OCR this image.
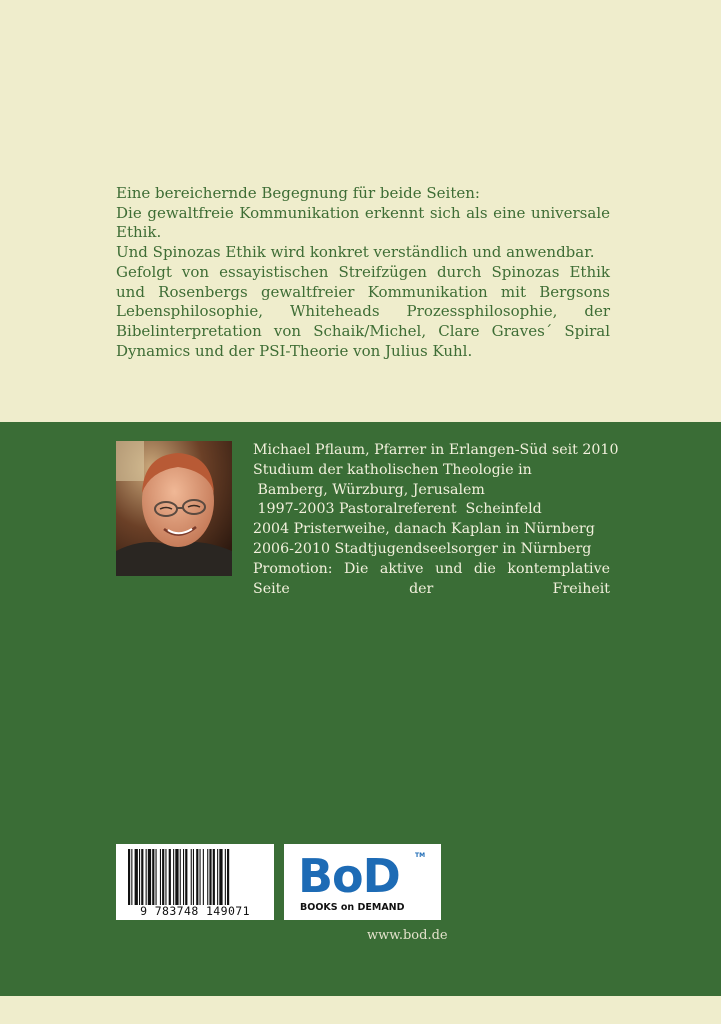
Eine bereichernde Begegnung für beide Seiten:

Die gewaltfreie Kommunikation erkennt sich als eine universale Ethik.

Und Spinozas Ethik wird konkret verständlich und anwendbar.

Gefolgt von essayistischen Streifzügen durch Spinozas Ethik und Rosenbergs gewaltfreier Kommunikation mit Bergsons Lebensphilosophie, Whiteheads Prozessphilosophie, der Bibelinterpretation von Schaik/Michel, Clare Graves´ Spiral Dynamics und der PSI-Theorie von Julius Kuhl.

Michael Pflaum, Pfarrer in Erlangen-Süd seit 2010
Studium der katholischen Theologie in
Bamberg, Würzburg, Jerusalem
1997-2003 Pastoralreferent  Scheinfeld
2004 Pristerweihe, danach Kaplan in Nürnberg
2006-2010 Stadtjugendseelsorger in Nürnberg
Promotion: Die aktive und die kontemplative Seite der Freiheit
9 783748 149071
BoD	TM
BOOKS on DEMAND
www.bod.de
